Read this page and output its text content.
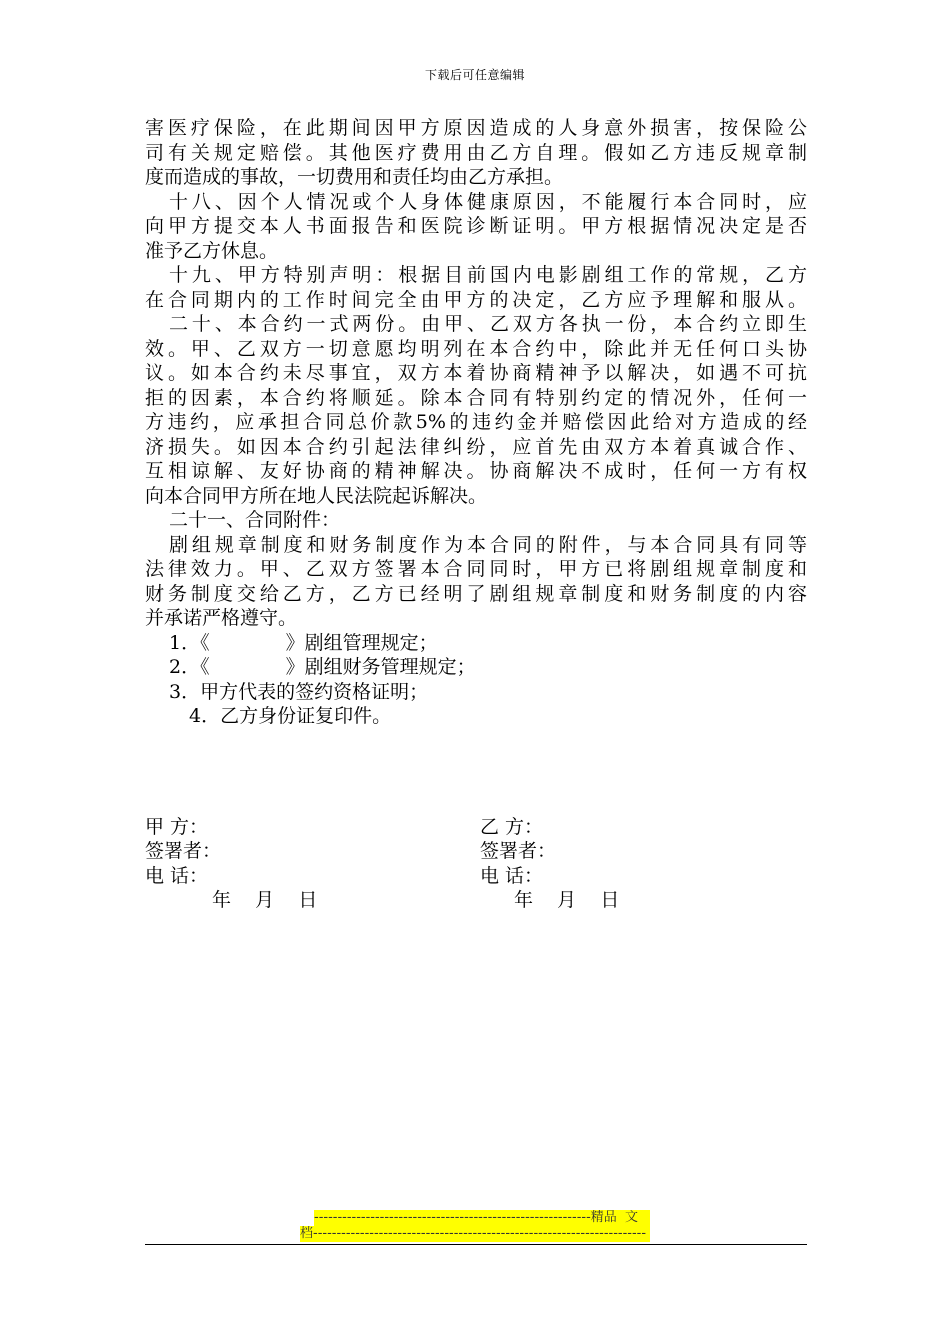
下载后可任意编辑
害医疗保险，在此期间因甲方原因造成的人身意外损害，按保险公
司有关规定赔偿。其他医疗费用由乙方自理。假如乙方违反规章制
度而造成的事故，一切费用和责任均由乙方承担。
十八、因个人情况或个人身体健康原因，不能履行本合同时，应
向甲方提交本人书面报告和医院诊断证明。甲方根据情况决定是否
准予乙方休息。
十九、甲方特别声明：根据目前国内电影剧组工作的常规，乙方
在合同期内的工作时间完全由甲方的决定，乙方应予理解和服从。
二十、本合约一式两份。由甲、乙双方各执一份，本合约立即生
效。甲、乙双方一切意愿均明列在本合约中，除此并无任何口头协
议。如本合约未尽事宜，双方本着协商精神予以解决，如遇不可抗
拒的因素，本合约将顺延。除本合同有特别约定的情况外，任何一
方违约，应承担合同总价款5%的违约金并赔偿因此给对方造成的经
济损失。如因本合约引起法律纠纷，应首先由双方本着真诚合作、
互相谅解、友好协商的精神解决。协商解决不成时，任何一方有权
向本合同甲方所在地人民法院起诉解决。
二十一、合同附件：
剧组规章制度和财务制度作为本合同的附件，与本合同具有同等
法律效力。甲、乙双方签署本合同同时，甲方已将剧组规章制度和
财务制度交给乙方，乙方已经明了剧组规章制度和财务制度的内容
并承诺严格遵守。
1．《　　　　》剧组管理规定；
2．《　　　　》剧组财务管理规定；
3．甲方代表的签约资格证明；
4．乙方身份证复印件。
甲 方：
签署者：
电 话：
年    月    日
乙 方：
签署者：
电 话：
年    月    日
-----------------------------------------------------------精品  文
档-----------------------------------------------------------------------
